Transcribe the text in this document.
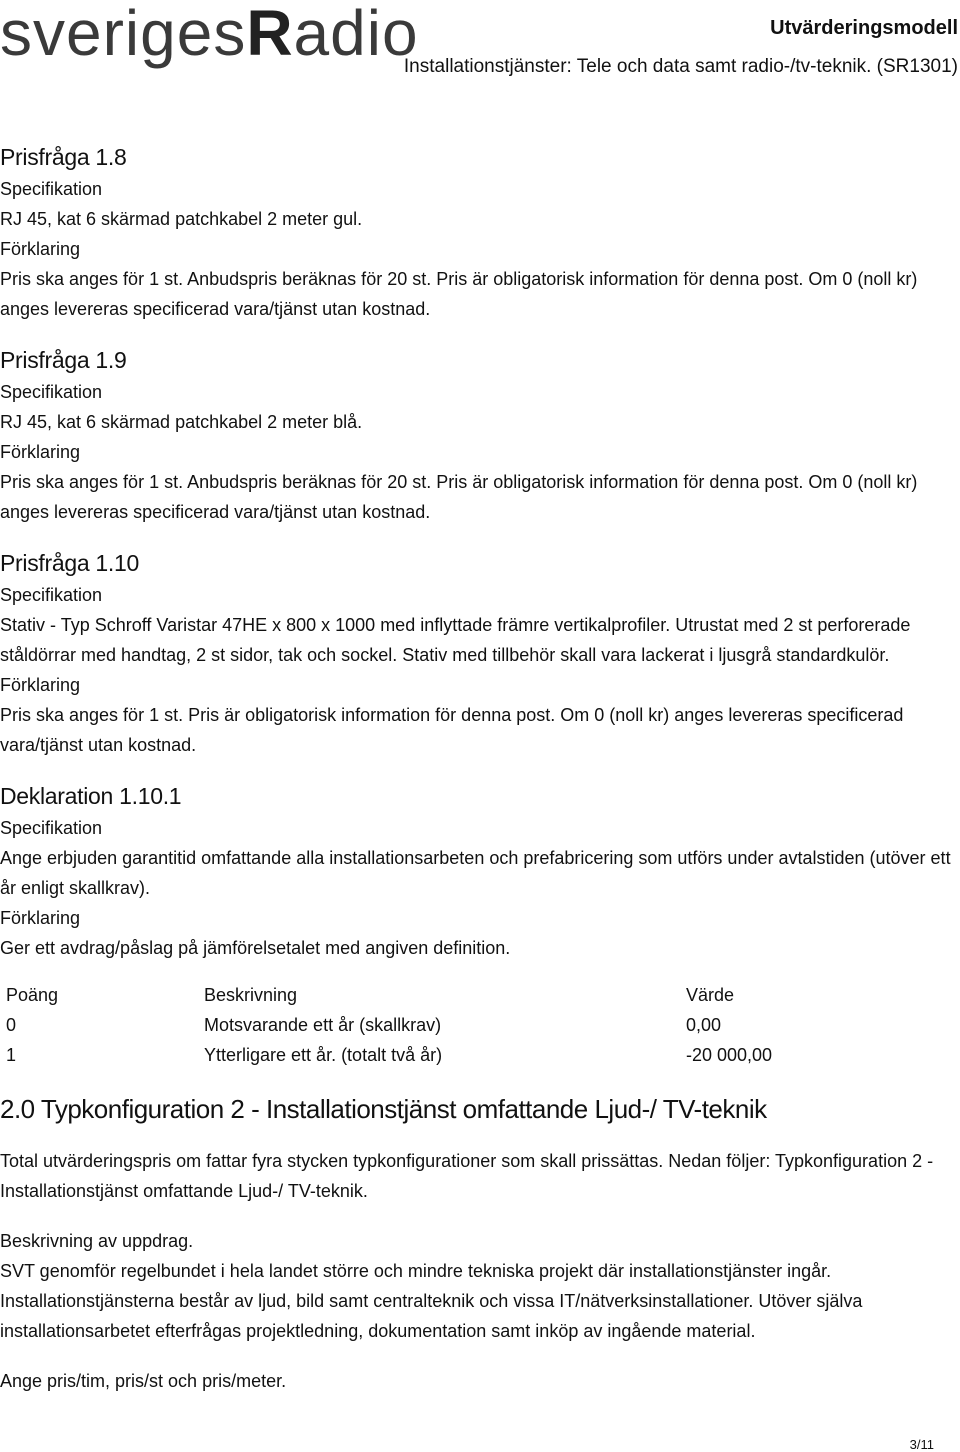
sverigesRadio	Utvärderingsmodell
Installationstjänster: Tele och data samt radio-/tv-teknik. (SR1301)
Prisfråga 1.8
Specifikation
RJ 45, kat 6 skärmad patchkabel 2 meter gul.
Förklaring
Pris ska anges för 1 st. Anbudspris beräknas för 20 st. Pris är obligatorisk information för denna post. Om 0 (noll kr) anges levereras specificerad vara/tjänst utan kostnad.
Prisfråga 1.9
Specifikation
RJ 45, kat 6 skärmad patchkabel 2 meter blå.
Förklaring
Pris ska anges för 1 st. Anbudspris beräknas för 20 st. Pris är obligatorisk information för denna post. Om 0 (noll kr) anges levereras specificerad vara/tjänst utan kostnad.
Prisfråga 1.10
Specifikation
Stativ - Typ Schroff Varistar 47HE x 800 x 1000 med inflyttade främre vertikalprofiler. Utrustat med 2 st perforerade ståldörrar med handtag, 2 st sidor, tak och sockel. Stativ med tillbehör skall vara lackerat i ljusgrå standardkulör.
Förklaring
Pris ska anges för 1 st. Pris är obligatorisk information för denna post. Om 0 (noll kr) anges levereras specificerad vara/tjänst utan kostnad.
Deklaration 1.10.1
Specifikation
Ange erbjuden garantitid omfattande alla installationsarbeten och prefabricering som utförs under avtalstiden (utöver ett år enligt skallkrav).
Förklaring
Ger ett avdrag/påslag på jämförelsetalet med angiven definition.
Poäng	Beskrivning	Värde
0	Motsvarande ett år (skallkrav)	0,00
1	Ytterligare ett år. (totalt två år)	-20 000,00
2.0 Typkonfiguration 2 - Installationstjänst omfattande Ljud-/ TV-teknik
Total utvärderingspris om fattar fyra stycken typkonfigurationer som skall prissättas. Nedan följer: Typkonfiguration 2 - Installationstjänst omfattande Ljud-/ TV-teknik.
Beskrivning av uppdrag.
SVT genomför regelbundet i hela landet större och mindre tekniska projekt där installationstjänster ingår. Installationstjänsterna består av ljud, bild samt centralteknik och vissa IT/nätverksinstallationer. Utöver själva installationsarbetet efterfrågas projektledning, dokumentation samt inköp av ingående material.
Ange pris/tim, pris/st och pris/meter.
3/11
